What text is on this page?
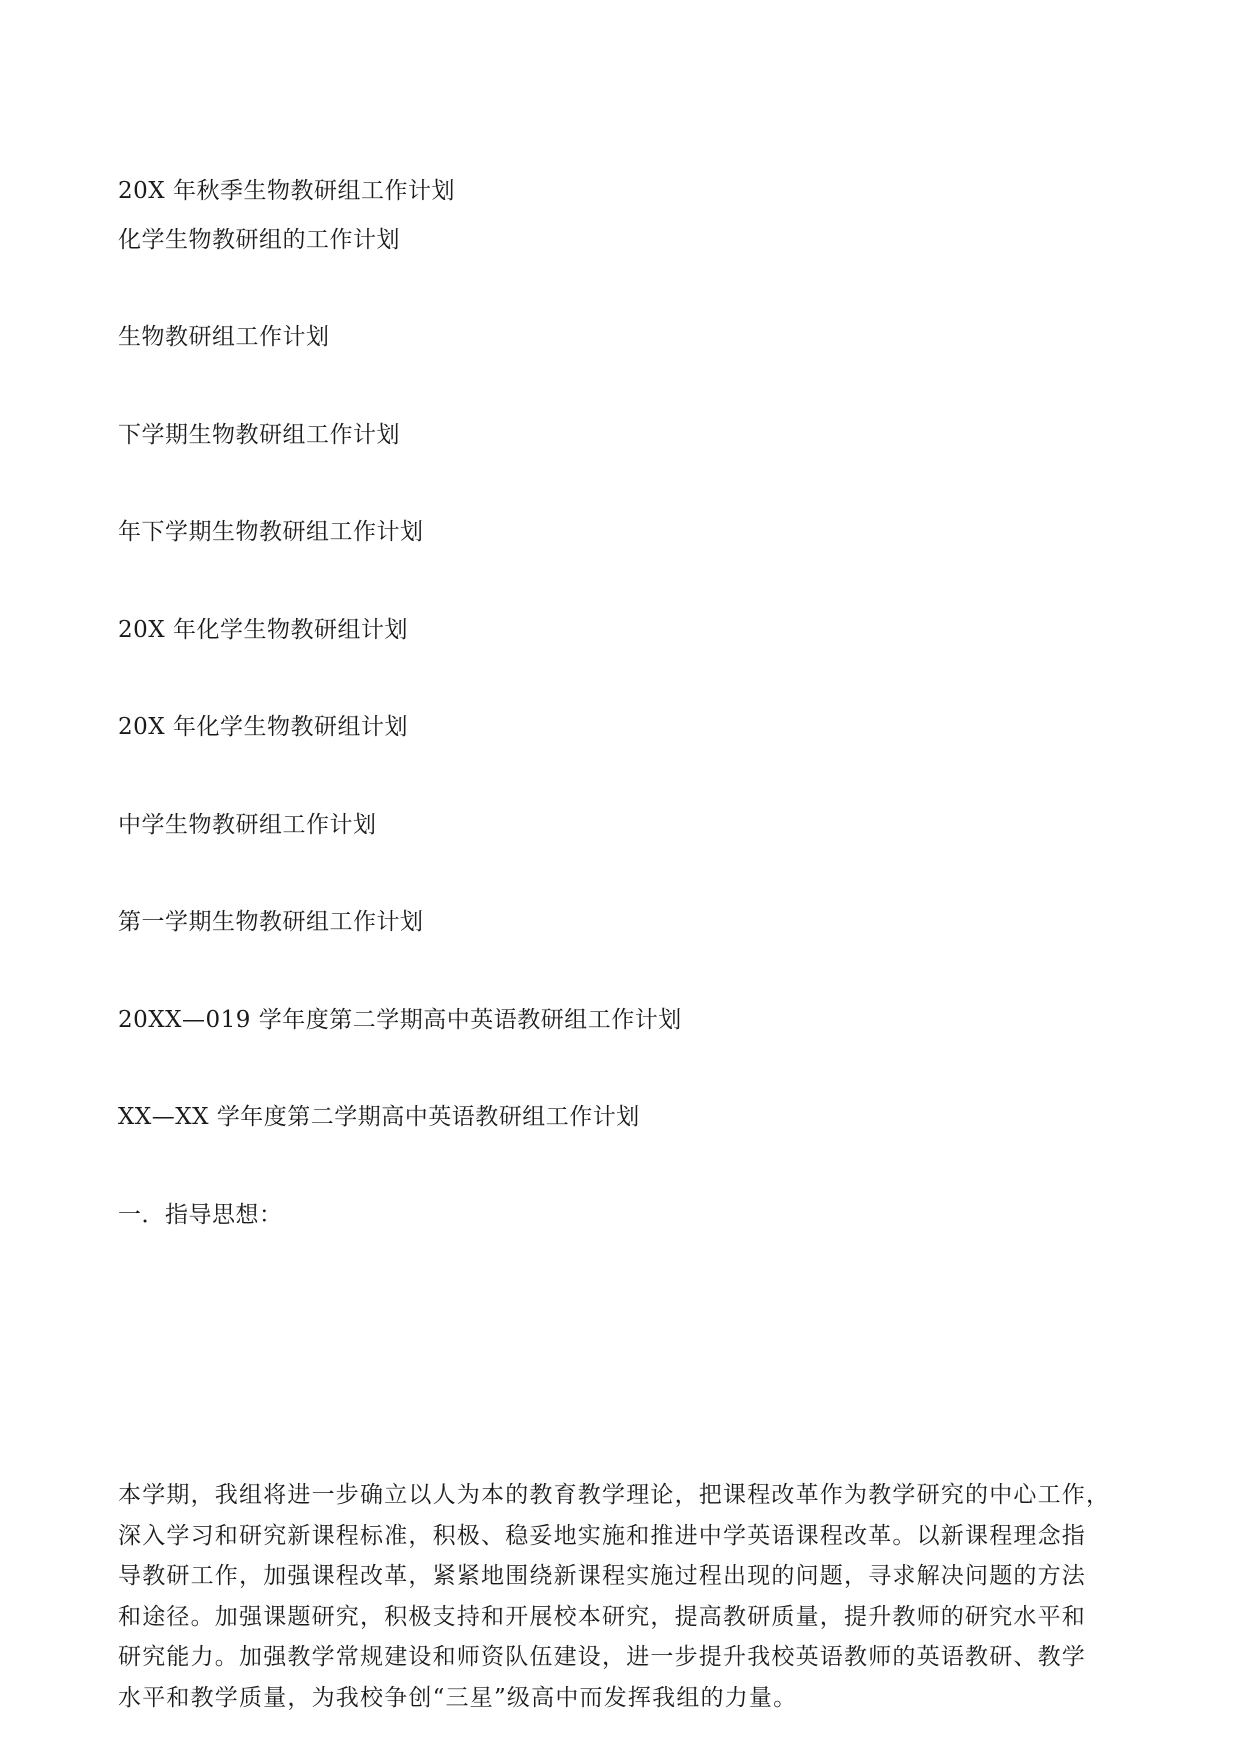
20X 年秋季生物教研组工作计划
化学生物教研组的工作计划
生物教研组工作计划
下学期生物教研组工作计划
年下学期生物教研组工作计划
20X 年化学生物教研组计划
20X 年化学生物教研组计划
中学生物教研组工作计划
第一学期生物教研组工作计划
20XX—019 学年度第二学期高中英语教研组工作计划
XX—XX 学年度第二学期高中英语教研组工作计划
一．指导思想：

本学期，我组将进一步确立以人为本的教育教学理论，把课程改革作为教学研究的中心工作，
深入学习和研究新课程标准，积极、稳妥地实施和推进中学英语课程改革。以新课程理念指
导教研工作，加强课程改革，紧紧地围绕新课程实施过程出现的问题，寻求解决问题的方法
和途径。加强课题研究，积极支持和开展校本研究，提高教研质量，提升教师的研究水平和
研究能力。加强教学常规建设和师资队伍建设，进一步提升我校英语教师的英语教研、教学
水平和教学质量，为我校争创“三星”级高中而发挥我组的力量。
